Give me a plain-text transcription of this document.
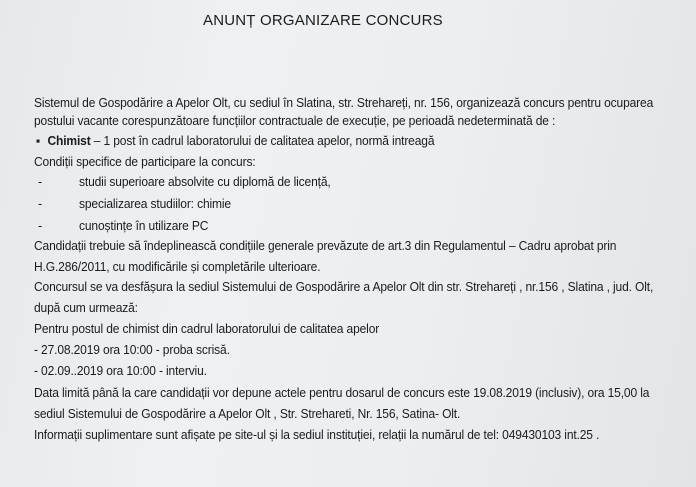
ANUNȚ ORGANIZARE CONCURS
Sistemul de Gospodărire a Apelor Olt, cu sediul în Slatina, str. Strehareți, nr. 156, organizează concurs pentru ocuparea
postului vacante corespunzătoare funcțiilor contractuale de execuție, pe perioadă nedeterminată de :
▪ Chimist – 1 post în cadrul laboratorului de calitatea apelor, normă intreagă
Condiții specifice de participare la concurs:
-	studii superioare absolvite cu diplomă de licență,
-	specializarea studiilor: chimie
-	cunoștințe în utilizare PC
Candidații trebuie să îndeplinească condițiile generale prevăzute de art.3 din Regulamentul – Cadru aprobat prin
H.G.286/2011, cu modificările și completările ulterioare.
Concursul se va desfășura la sediul Sistemului de Gospodărire a Apelor Olt din str. Strehareți , nr.156 , Slatina , jud. Olt,
după cum urmează:
Pentru postul de chimist din cadrul laboratorului de calitatea apelor
- 27.08.2019 ora 10:00 - proba scrisă.
- 02.09..2019 ora 10:00 - interviu.
Data limită până la care candidații vor depune actele pentru dosarul de concurs este 19.08.2019 (inclusiv), ora 15,00 la
sediul Sistemului de Gospodărire a Apelor Olt , Str. Strehareti, Nr. 156, Satina- Olt.
Informații suplimentare sunt afișate pe site-ul și la sediul instituției, relații la numărul de tel: 049430103 int.25 .
